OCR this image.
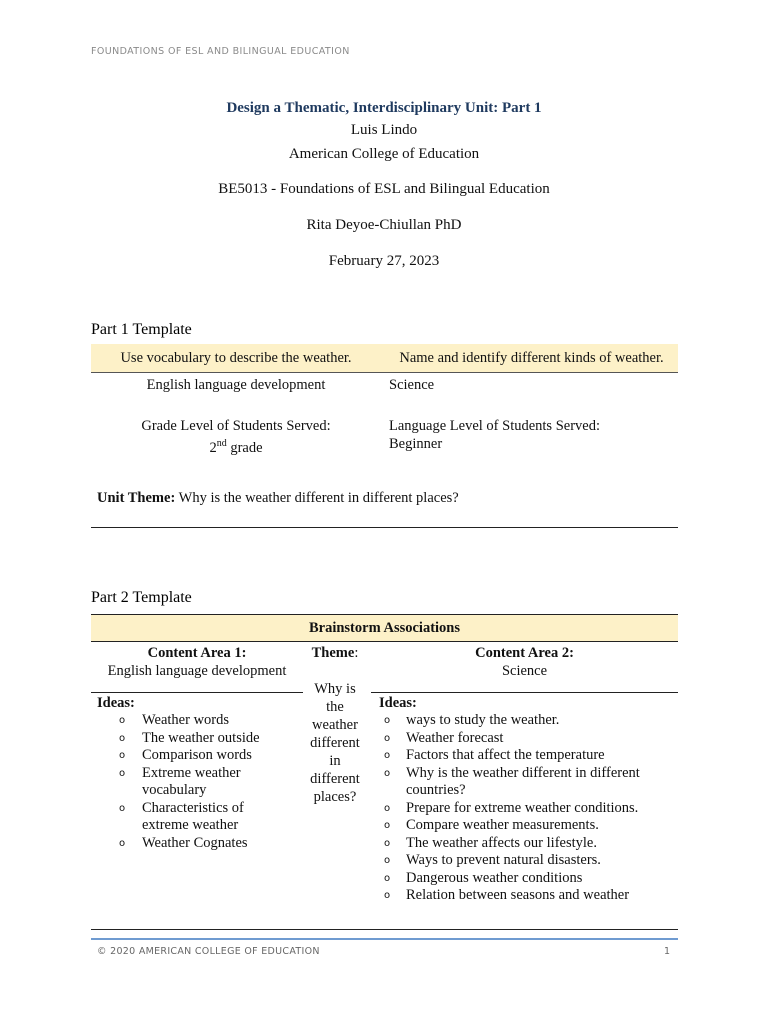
FOUNDATIONS OF ESL AND BILINGUAL EDUCATION
Design a Thematic, Interdisciplinary Unit: Part 1
Luis Lindo
American College of Education
BE5013 - Foundations of ESL and Bilingual Education
Rita Deyoe-Chiullan PhD
February 27, 2023
Part 1 Template
Use vocabulary to describe the weather.	Name and identify different kinds of weather.
English language development	Science
Grade Level of Students Served:
2nd grade
Language Level of Students Served:
Beginner
Unit Theme: Why is the weather different in different places?
Part 2 Template
Brainstorm Associations
Content Area 1:
English language development
Ideas:
o Weather words
o The weather outside
o Comparison words
o Extreme weather
vocabulary
o Characteristics of
extreme weather
o Weather Cognates
Theme:
Why is
the
weather
different
in
different
places?
Content Area 2:
Science
Ideas:
o ways to study the weather.
o Weather forecast
o Factors that affect the temperature
o Why is the weather different in different
countries?
o Prepare for extreme weather conditions.
o Compare weather measurements.
o The weather affects our lifestyle.
o Ways to prevent natural disasters.
o Dangerous weather conditions
o Relation between seasons and weather
© 2020 AMERICAN COLLEGE OF EDUCATION	1
